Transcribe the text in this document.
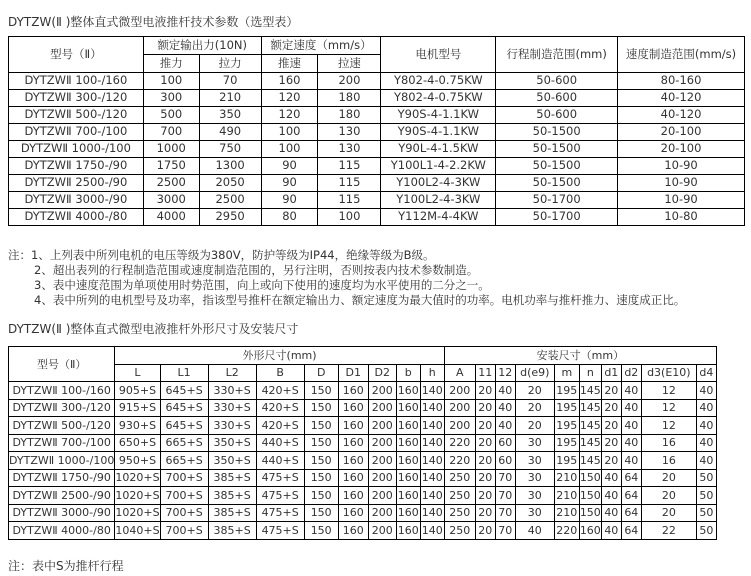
DYTZW(Ⅱ )整体直式微型电液推杆技术参数（选型表）
型号（Ⅱ）	额定输出力(10N)		额定速度（mm/s）		电机型号	行程制造范围(mm)	速度制造范围(mm/s)
	推力	拉力	推速	拉速			
DYTZWⅡ 100-/160	100	70	160	200	Y802-4-0.75KW	50-600	80-160
DYTZWⅡ 300-/120	300	210	120	180	Y802-4-0.75KW	50-600	40-120
DYTZWⅡ 500-/120	500	350	120	180	Y90S-4-1.1KW	50-600	40-120
DYTZWⅡ 700-/100	700	490	100	130	Y90S-4-1.1KW	50-1500	20-100
DYTZWⅡ 1000-/100	1000	750	100	130	Y90L-4-1.5KW	50-1500	20-100
DYTZWⅡ 1750-/90	1750	1300	90	115	Y100L1-4-2.2KW	50-1500	10-90
DYTZWⅡ 2500-/90	2500	2050	90	115	Y100L2-4-3KW	50-1500	10-90
DYTZWⅡ 3000-/90	3000	2500	90	115	Y100L2-4-3KW	50-1700	10-90
DYTZWⅡ 4000-/80	4000	2950	80	100	Y112M-4-4KW	50-1700	10-80
注：1、上列表中所列电机的电压等级为380V，防护等级为IP44，绝缘等级为B级。
2、超出表列的行程制造范围或速度制造范围的，另行注明，否则按表内技术参数制造。
3、表中速度范围为单项使用时势范围，向上或向下使用的速度均为水平使用的二分之一。
4、表中所列的电机型号及功率，指该型号推杆在额定输出力、额定速度为最大值时的功率。电机功率与推杆推力、速度成正比。
DYTZW(Ⅱ )整体直式微型电液推杆外形尺寸及安装尺寸
型号（Ⅱ）	外形尺寸(mm)									安装尺寸（mm）									
	L	L1	L2	B	D	D1	D2	b	h	A	11	12	d(e9)	m	n	d1	d2	d3(E10)	d4
DYTZWⅡ 100-/160	905+S	645+S	330+S	420+S	150	160	200	160	140	200	20	40	20	195	145	20	40	12	40
DYTZWⅡ 300-/120	915+S	645+S	330+S	420+S	150	160	200	160	140	200	20	40	20	195	145	20	40	12	40
DYTZWⅡ 500-/120	930+S	645+S	330+S	420+S	150	160	200	160	140	200	20	40	20	195	145	20	40	12	40
DYTZWⅡ 700-/100	650+S	665+S	350+S	440+S	150	160	200	160	140	220	20	60	30	195	145	20	40	16	40
DYTZWⅡ 1000-/100	950+S	665+S	350+S	440+S	150	160	200	160	140	220	20	60	30	195	145	20	40	16	40
DYTZWⅡ 1750-/90	1020+S	700+S	385+S	475+S	150	160	200	160	140	250	20	70	30	210	150	40	64	20	50
DYTZWⅡ 2500-/90	1020+S	700+S	385+S	475+S	150	160	200	160	140	250	20	70	30	210	150	40	64	20	50
DYTZWⅡ 3000-/90	1020+S	700+S	385+S	475+S	150	160	200	160	140	250	20	70	30	210	150	40	64	20	50
DYTZWⅡ 4000-/80	1040+S	700+S	385+S	475+S	150	160	200	160	140	250	20	70	40	220	160	40	64	22	50
注：表中S为推杆行程
